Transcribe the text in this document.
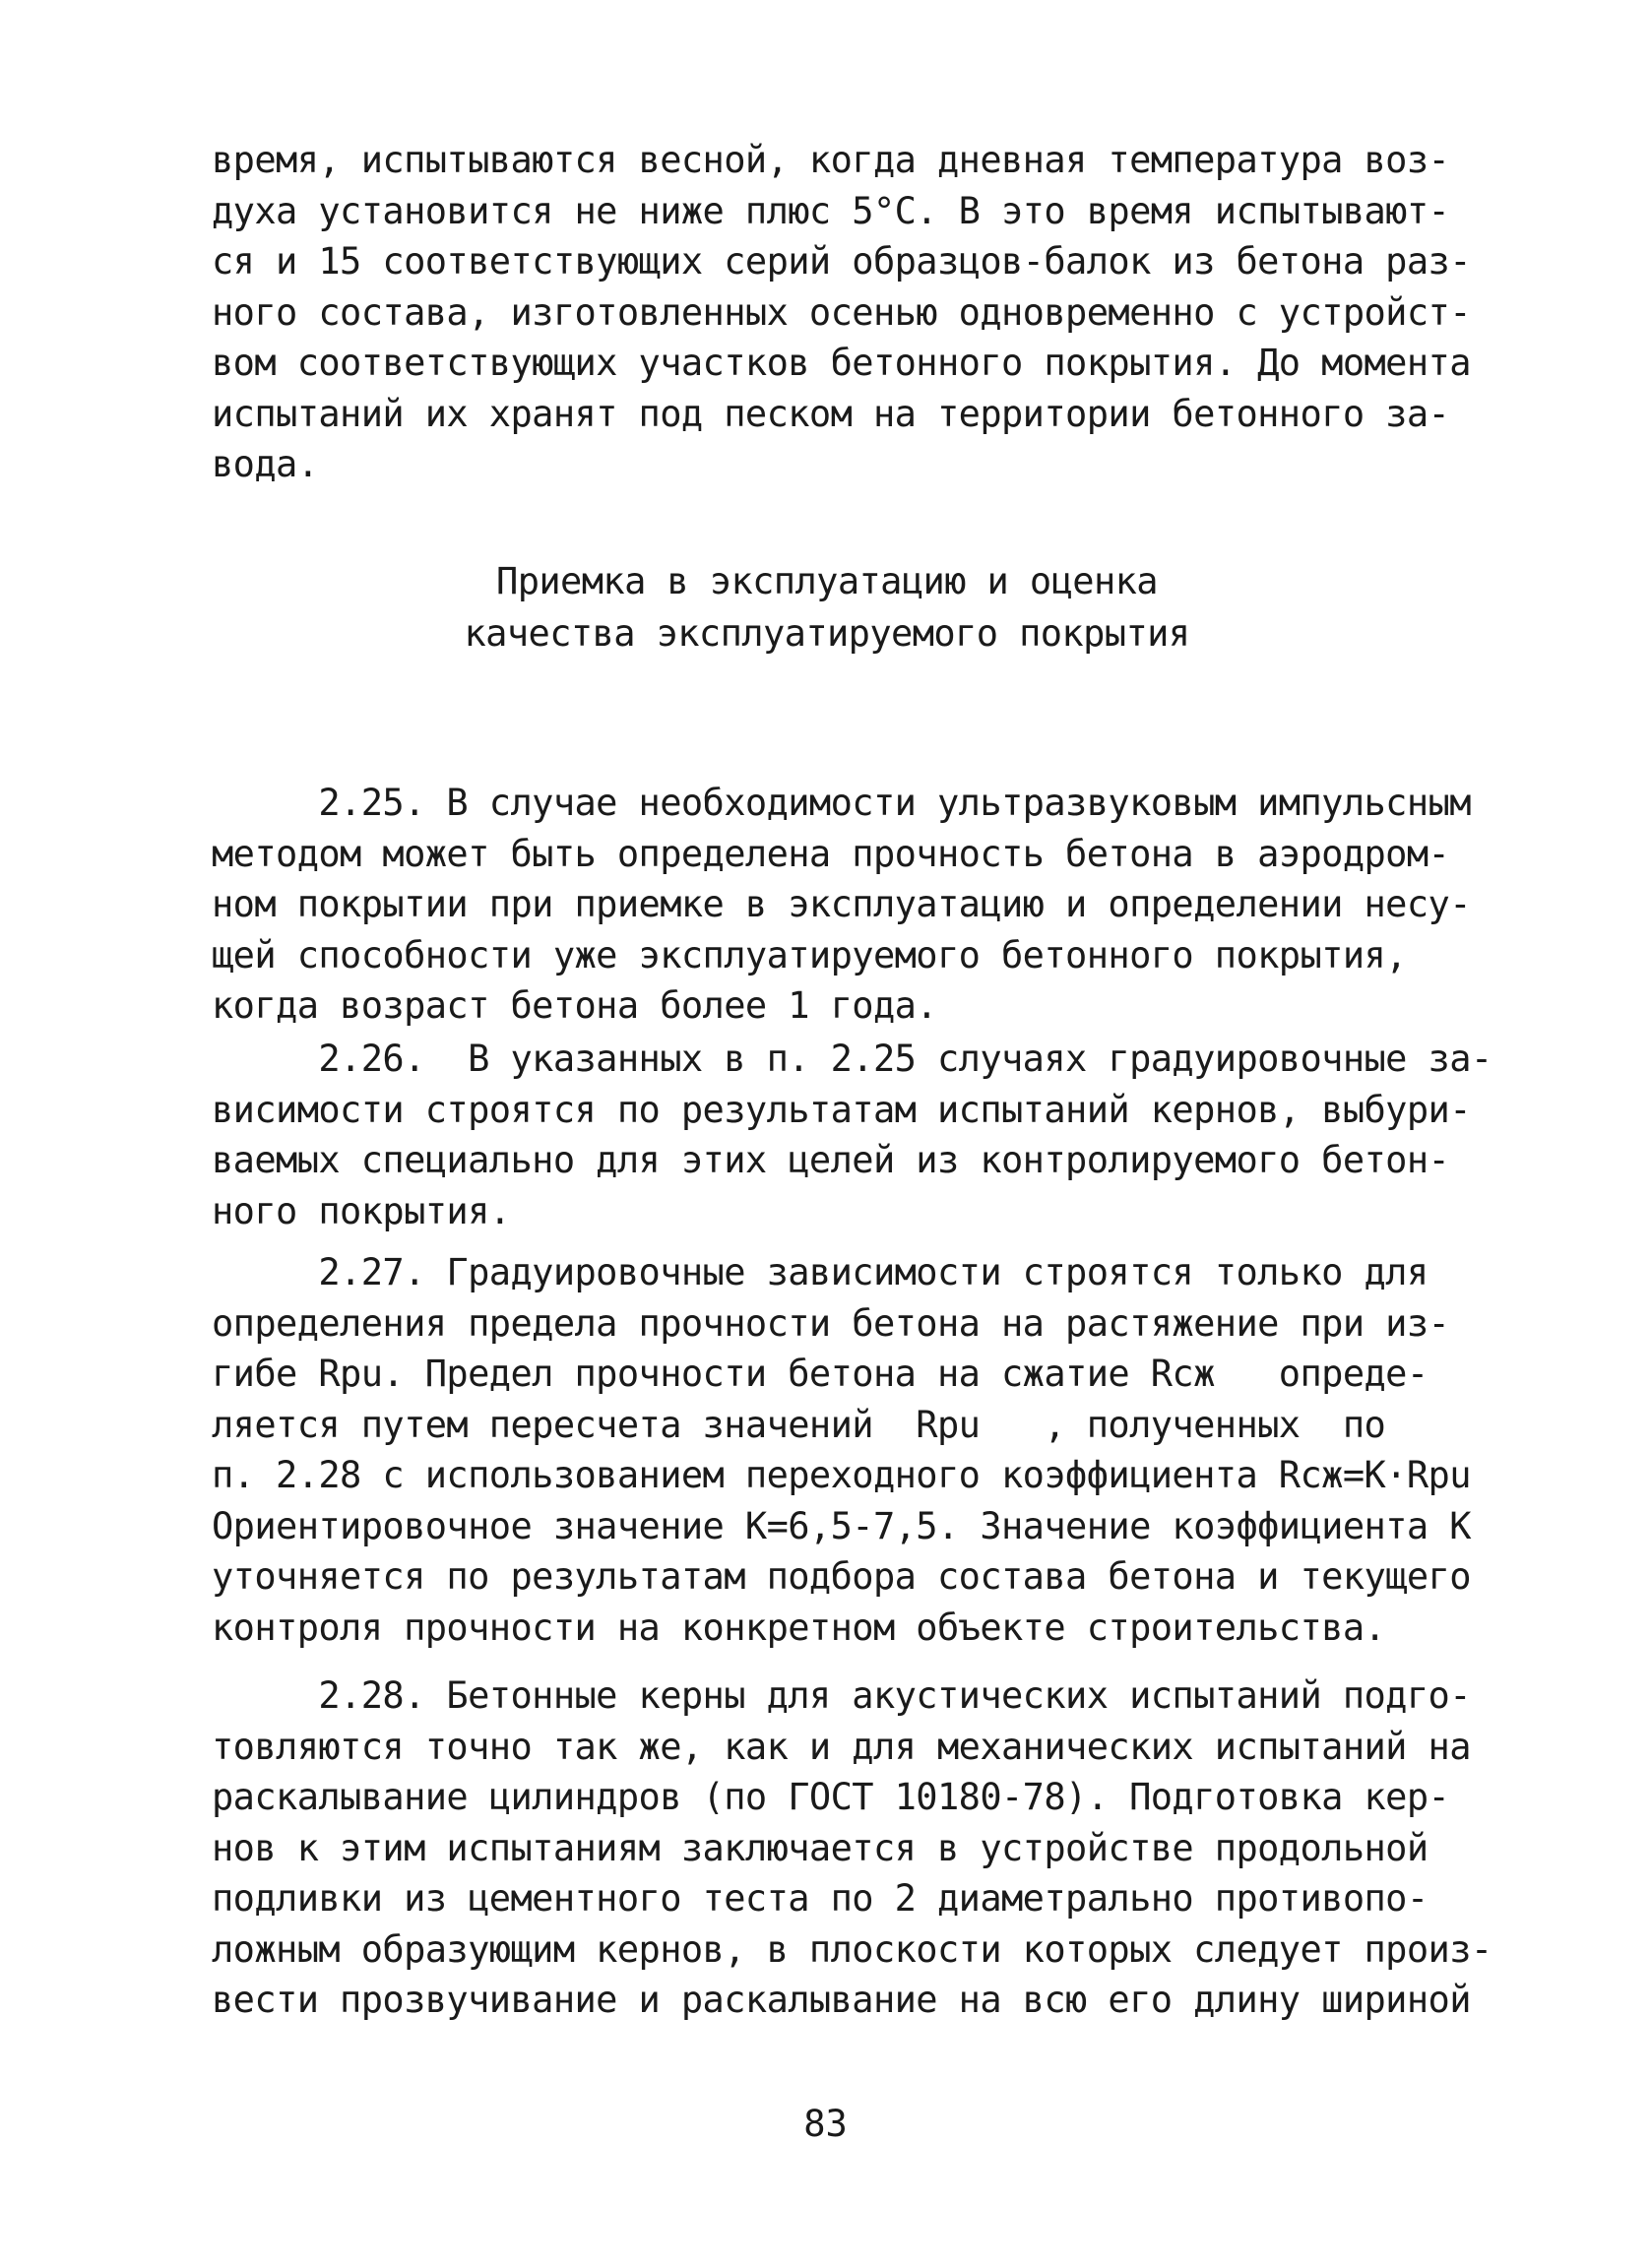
время, испытываются весной, когда дневная температура воз-
духа установится не ниже плюс 5°С. В это время испытывают-
ся и 15 соответствующих серий образцов-балок из бетона раз-
ного состава, изготовленных осенью одновременно с устройст-
вом соответствующих участков бетонного покрытия. До момента
испытаний их хранят под песком на территории бетонного за-
вода.

Приемка в эксплуатацию и оценка
качества эксплуатируемого покрытия

2.25. В случае необходимости ультразвуковым импульсным
методом может быть определена прочность бетона в аэродром-
ном покрытии при приемке в эксплуатацию и определении несу-
щей способности уже эксплуатируемого бетонного покрытия,
когда возраст бетона более 1 года.

2.26.  В указанных в п. 2.25 случаях градуировочные за-
висимости строятся по результатам испытаний кернов, выбури-
ваемых специально для этих целей из контролируемого бетон-
ного покрытия.

2.27. Градуировочные зависимости строятся только для
определения предела прочности бетона на растяжение при из-
гибе Rрu. Предел прочности бетона на сжатие Rсж   опреде-
ляется путем пересчета значений  Rрu   , полученных  по
п. 2.28 с использованием переходного коэффициента Rсж=K·Rрu
Ориентировочное значение К=6,5-7,5. Значение коэффициента К
уточняется по результатам подбора состава бетона и текущего
контроля прочности на конкретном объекте строительства.

2.28. Бетонные керны для акустических испытаний подго-
товляются точно так же, как и для механических испытаний на
раскалывание цилиндров (по ГОСТ 10180-78). Подготовка кер-
нов к этим испытаниям заключается в устройстве продольной
подливки из цементного теста по 2 диаметрально противопо-
ложным образующим кернов, в плоскости которых следует произ-
вести прозвучивание и раскалывание на всю его длину шириной

83
